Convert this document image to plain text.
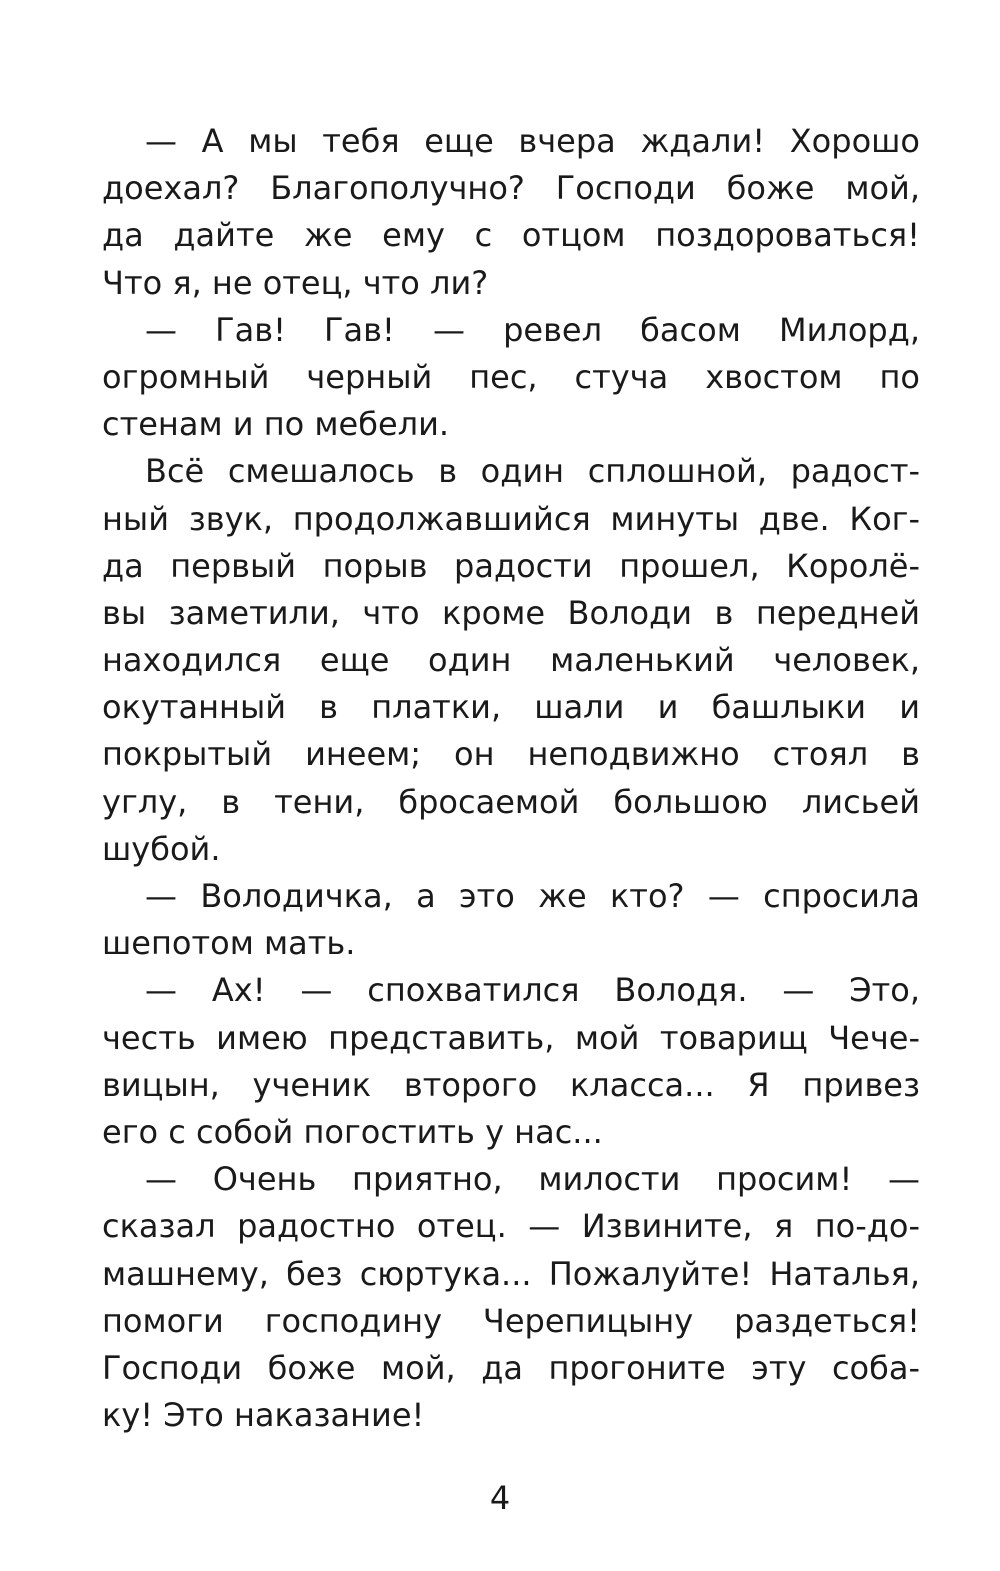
— А мы тебя еще вчера ждали! Хорошо
доехал? Благополучно? Господи боже мой,
да дайте же ему с отцом поздороваться!
Что я, не отец, что ли?
— Гав! Гав! — ревел басом Милорд,
огромный черный пес, стуча хвостом по
стенам и по мебели.
Всё смешалось в один сплошной, радост-
ный звук, продолжавшийся минуты две. Ког-
да первый порыв радости прошел, Королё-
вы заметили, что кроме Володи в передней
находился еще один маленький человек,
окутанный в платки, шали и башлыки и
покрытый инеем; он неподвижно стоял в
углу, в тени, бросаемой большою лисьей
шубой.
— Володичка, а это же кто? — спросила
шепотом мать.
— Ах! — спохватился Володя. — Это,
честь имею представить, мой товарищ Чече-
вицын, ученик второго класса... Я привез
его с собой погостить у нас...
— Очень приятно, милости просим! —
сказал радостно отец. — Извините, я по-до-
машнему, без сюртука... Пожалуйте! Наталья,
помоги господину Черепицыну раздеться!
Господи боже мой, да прогоните эту соба-
ку! Это наказание!
4
